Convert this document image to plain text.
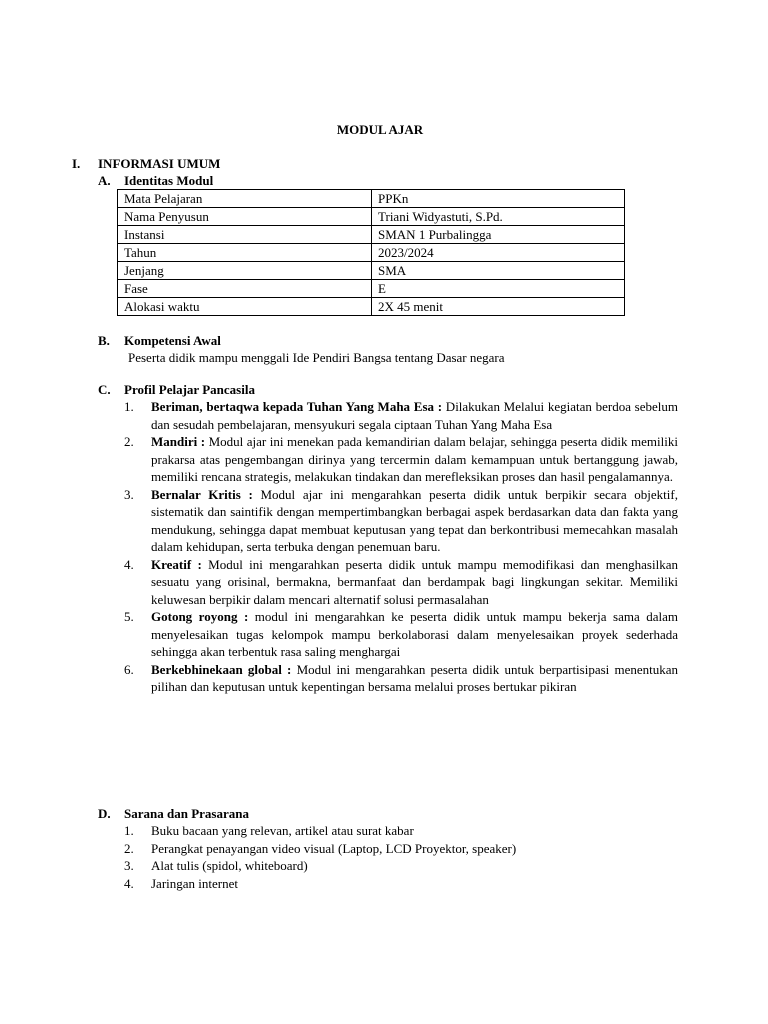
MODUL AJAR
I. INFORMASI UMUM
A. Identitas Modul
Mata Pelajaran	PPKn
Nama Penyusun	Triani Widyastuti, S.Pd.
Instansi	SMAN 1 Purbalingga
Tahun	2023/2024
Jenjang	SMA
Fase	E
Alokasi waktu	2X 45 menit
B. Kompetensi Awal
Peserta didik mampu menggali Ide Pendiri Bangsa tentang Dasar negara
C. Profil Pelajar Pancasila
1. Beriman, bertaqwa kepada Tuhan Yang Maha Esa : Dilakukan Melalui kegiatan berdoa sebelum dan sesudah pembelajaran, mensyukuri segala ciptaan Tuhan Yang Maha Esa
2. Mandiri : Modul ajar ini menekan pada kemandirian dalam belajar, sehingga peserta didik memiliki prakarsa atas pengembangan dirinya yang tercermin dalam kemampuan untuk bertanggung jawab, memiliki rencana strategis, melakukan tindakan dan merefleksikan proses dan hasil pengalamannya.
3. Bernalar Kritis : Modul ajar ini mengarahkan peserta didik untuk berpikir secara objektif, sistematik dan saintifik dengan mempertimbangkan berbagai aspek berdasarkan data dan fakta yang mendukung, sehingga dapat membuat keputusan yang tepat dan berkontribusi memecahkan masalah dalam kehidupan, serta terbuka dengan penemuan baru.
4. Kreatif : Modul ini mengarahkan peserta didik untuk mampu memodifikasi dan menghasilkan sesuatu yang orisinal, bermakna, bermanfaat dan berdampak bagi lingkungan sekitar. Memiliki keluwesan berpikir dalam mencari alternatif solusi permasalahan
5. Gotong royong : modul ini mengarahkan ke peserta didik untuk mampu bekerja sama dalam menyelesaikan tugas kelompok mampu berkolaborasi dalam menyelesaikan proyek sederhada sehingga akan terbentuk rasa saling menghargai
6. Berkebhinekaan global : Modul ini mengarahkan peserta didik untuk berpartisipasi menentukan pilihan dan keputusan untuk kepentingan bersama melalui proses bertukar pikiran
D. Sarana dan Prasarana
1. Buku bacaan yang relevan, artikel atau surat kabar
2. Perangkat penayangan video visual (Laptop, LCD Proyektor, speaker)
3. Alat tulis (spidol, whiteboard)
4. Jaringan internet
